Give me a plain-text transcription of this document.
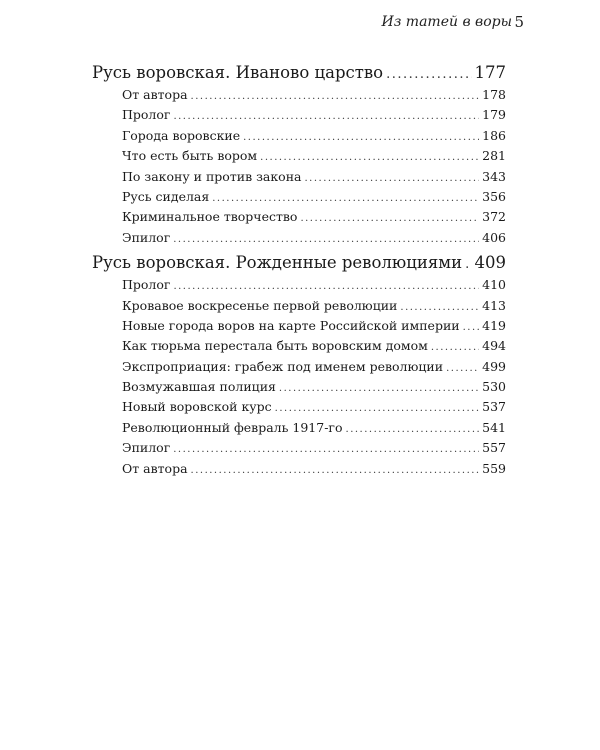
Из татей в воры 5
Русь воровская. Иваново царство .....	177
От автора .....	178
Пролог .....	179
Города воровские .....	186
Что есть быть вором .....	281
По закону и против закона .....	343
Русь сиделая .....	356
Криминальное творчество .....	372
Эпилог .....	406
Русь воровская. Рожденные революциями ..... 409
Пролог .....	410
Кровавое воскресенье первой революции .....	413
Новые города воров на карте Российской империи ..... 419
Как тюрьма перестала быть воровским домом .....	494
Экспроприация: грабеж под именем революции .....	499
Возмужавшая полиция .....	530
Новый воровской курс .....	537
Революционный февраль 1917-го .....	541
Эпилог .....	557
От автора .....	559
